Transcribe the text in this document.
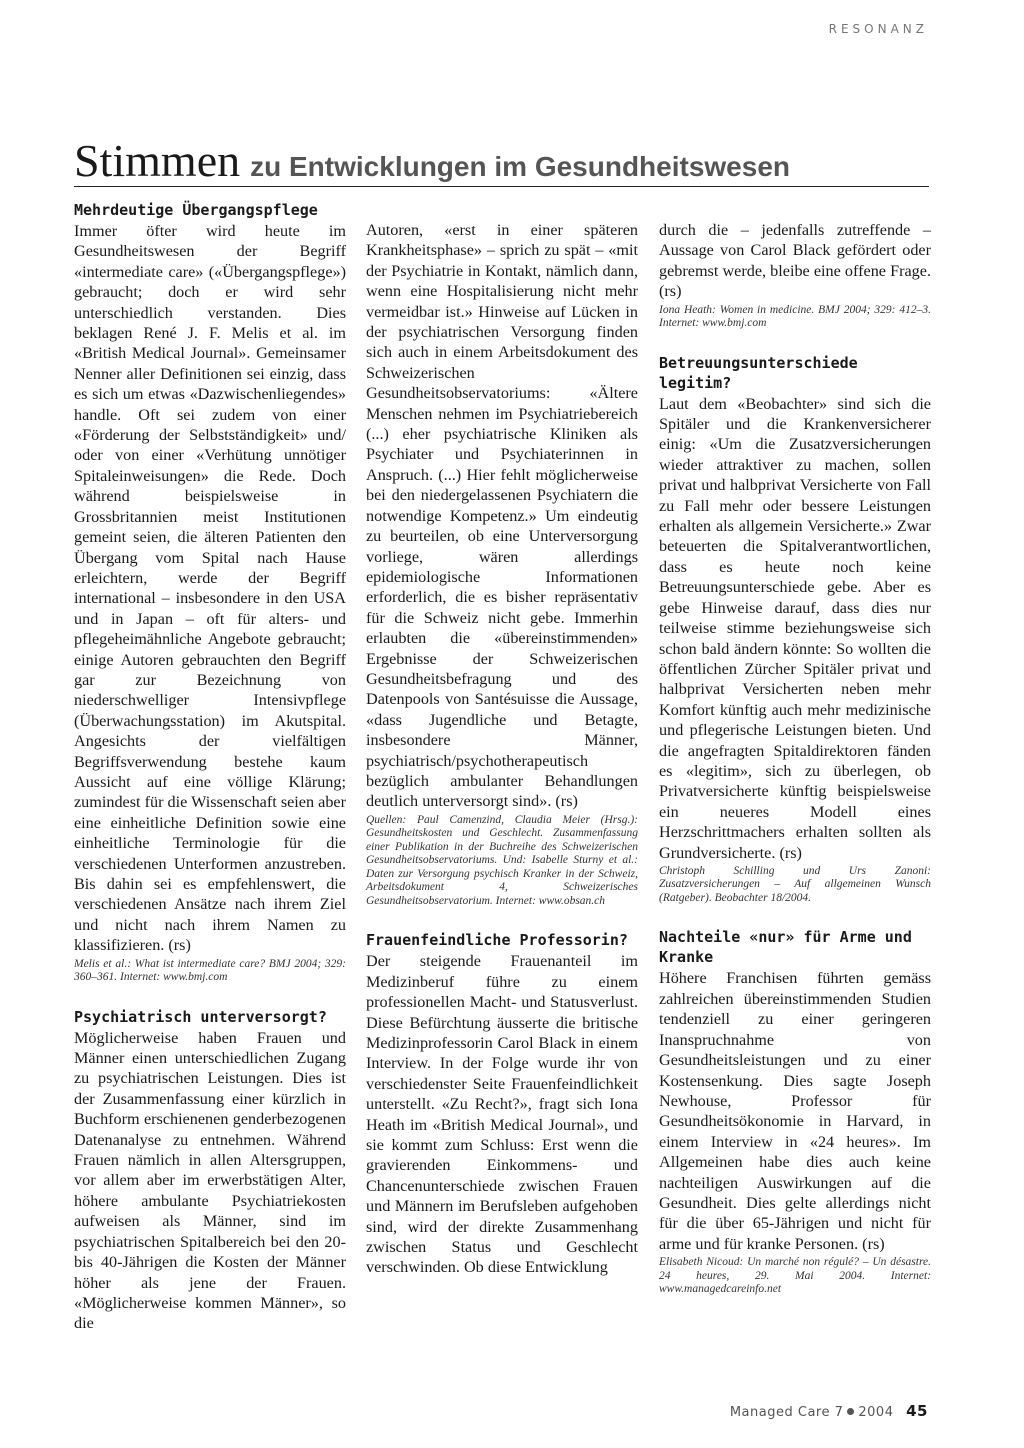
RESONANZ
Stimmen zu Entwicklungen im Gesundheitswesen
Mehrdeutige Übergangspflege

Immer öfter wird heute im Gesundheitswesen der Begriff «intermediate care» («Übergangspflege») gebraucht; doch er wird sehr unterschiedlich verstanden. Dies beklagen René J. F. Melis et al. im «British Medical Journal». Gemeinsamer Nenner aller Definitionen sei einzig, dass es sich um etwas «Dazwischenliegendes» handle. Oft sei zudem von einer «Förderung der Selbstständigkeit» und/ oder von einer «Verhütung unnötiger Spitaleinweisungen» die Rede. Doch während beispielsweise in Grossbritannien meist Institutionen gemeint seien, die älteren Patienten den Übergang vom Spital nach Hause erleichtern, werde der Begriff international – insbesondere in den USA und in Japan – oft für alters- und pflegeheimähnliche Angebote gebraucht; einige Autoren gebrauchten den Begriff gar zur Bezeichnung von niederschwelliger Intensivpflege (Überwachungsstation) im Akutspital. Angesichts der vielfältigen Begriffsverwendung bestehe kaum Aussicht auf eine völlige Klärung; zumindest für die Wissenschaft seien aber eine einheitliche Definition sowie eine einheitliche Terminologie für die verschiedenen Unterformen anzustreben. Bis dahin sei es empfehlenswert, die verschiedenen Ansätze nach ihrem Ziel und nicht nach ihrem Namen zu klassifizieren. (rs)

Melis et al.: What ist intermediate care? BMJ 2004; 329: 360–361. Internet: www.bmj.com
Psychiatrisch unterversorgt?

Möglicherweise haben Frauen und Männer einen unterschiedlichen Zugang zu psychiatrischen Leistungen. Dies ist der Zusammenfassung einer kürzlich in Buchform erschienenen genderbezogenen Datenanalyse zu entnehmen. Während Frauen nämlich in allen Altersgruppen, vor allem aber im erwerbstätigen Alter, höhere ambulante Psychiatriekosten aufweisen als Männer, sind im psychiatrischen Spitalbereich bei den 20- bis 40-Jährigen die Kosten der Männer höher als jene der Frauen. «Möglicherweise kommen Männer», so die

Autoren, «erst in einer späteren Krankheitsphase» – sprich zu spät – «mit der Psychiatrie in Kontakt, nämlich dann, wenn eine Hospitalisierung nicht mehr vermeidbar ist.» Hinweise auf Lücken in der psychiatrischen Versorgung finden sich auch in einem Arbeitsdokument des Schweizerischen Gesundheitsobservatoriums: «Ältere Menschen nehmen im Psychiatriebereich (...) eher psychiatrische Kliniken als Psychiater und Psychiaterinnen in Anspruch. (...) Hier fehlt möglicherweise bei den niedergelassenen Psychiatern die notwendige Kompetenz.» Um eindeutig zu beurteilen, ob eine Unterversorgung vorliege, wären allerdings epidemiologische Informationen erforderlich, die es bisher repräsentativ für die Schweiz nicht gebe. Immerhin erlaubten die «übereinstimmenden» Ergebnisse der Schweizerischen Gesundheitsbefragung und des Datenpools von Santésuisse die Aussage, «dass Jugendliche und Betagte, insbesondere Männer, psychiatrisch/psychotherapeutisch bezüglich ambulanter Behandlungen deutlich unterversorgt sind». (rs)

Quellen: Paul Camenzind, Claudia Meier (Hrsg.): Gesundheitskosten und Geschlecht. Zusammenfassung einer Publikation in der Buchreihe des Schweizerischen Gesundheitsobservatoriums. Und: Isabelle Sturny et al.: Daten zur Versorgung psychisch Kranker in der Schweiz, Arbeitsdokument 4, Schweizerisches Gesundheitsobservatorium. Internet: www.obsan.ch
Frauenfeindliche Professorin?

Der steigende Frauenanteil im Medizinberuf führe zu einem professionellen Macht- und Statusverlust. Diese Befürchtung äusserte die britische Medizinprofessorin Carol Black in einem Interview. In der Folge wurde ihr von verschiedenster Seite Frauenfeindlichkeit unterstellt. «Zu Recht?», fragt sich Iona Heath im «British Medical Journal», und sie kommt zum Schluss: Erst wenn die gravierenden Einkommens- und Chancenunterschiede zwischen Frauen und Männern im Berufsleben aufgehoben sind, wird der direkte Zusammenhang zwischen Status und Geschlecht verschwinden. Ob diese Entwicklung

durch die – jedenfalls zutreffende – Aussage von Carol Black gefördert oder gebremst werde, bleibe eine offene Frage. (rs)

Iona Heath: Women in medicine. BMJ 2004; 329: 412–3. Internet: www.bmj.com
Betreuungsunterschiede legitim?

Laut dem «Beobachter» sind sich die Spitäler und die Krankenversicherer einig: «Um die Zusatzversicherungen wieder attraktiver zu machen, sollen privat und halbprivat Versicherte von Fall zu Fall mehr oder bessere Leistungen erhalten als allgemein Versicherte.» Zwar beteuerten die Spitalverantwortlichen, dass es heute noch keine Betreuungsunterschiede gebe. Aber es gebe Hinweise darauf, dass dies nur teilweise stimme beziehungsweise sich schon bald ändern könnte: So wollten die öffentlichen Zürcher Spitäler privat und halbprivat Versicherten neben mehr Komfort künftig auch mehr medizinische und pflegerische Leistungen bieten. Und die angefragten Spitaldirektoren fänden es «legitim», sich zu überlegen, ob Privatversicherte künftig beispielsweise ein neueres Modell eines Herzschrittmachers erhalten sollten als Grundversicherte. (rs)

Christoph Schilling und Urs Zanoni: Zusatzversicherungen – Auf allgemeinen Wunsch (Ratgeber). Beobachter 18/2004.
Nachteile «nur» für Arme und Kranke

Höhere Franchisen führten gemäss zahlreichen übereinstimmenden Studien tendenziell zu einer geringeren Inanspruchnahme von Gesundheitsleistungen und zu einer Kostensenkung. Dies sagte Joseph Newhouse, Professor für Gesundheitsökonomie in Harvard, in einem Interview in «24 heures». Im Allgemeinen habe dies auch keine nachteiligen Auswirkungen auf die Gesundheit. Dies gelte allerdings nicht für die über 65-Jährigen und nicht für arme und für kranke Personen. (rs)

Elisabeth Nicoud: Un marché non régulé? – Un désastre. 24 heures, 29. Mai 2004. Internet: www.managedcareinfo.net
Managed Care 7 2004 45
